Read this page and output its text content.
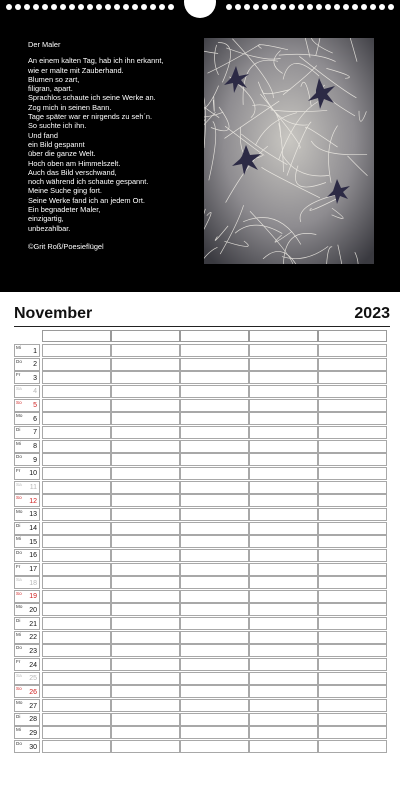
Der Maler
An einem kalten Tag, hab ich ihn erkannt,
wie er malte mit Zauberhand.
Blumen so zart,
filigran, apart.
Sprachlos schaute ich seine Werke an.
Zog mich in seinen Bann.
Tage später war er nirgends zu seh´n.
So suchte ich ihn.
Und fand
ein Bild gespannt
über die ganze Welt.
Hoch oben am Himmelszelt.
Auch das Bild verschwand,
noch während ich schaute gespannt.
Meine Suche ging fort.
Seine Werke fand ich an jedem Ort.
Ein begnadeter Maler,
einzigartig,
unbezahlbar.
©Grit Roß/Poesieflügel
November	2023
Mi 1
Do 2
Fr 3
Sa 4
So 5
Mo 6
Di 7
Mi 8
Do 9
Fr 10
Sa 11
So 12
Mo 13
Di 14
Mi 15
Do 16
Fr 17
Sa 18
So 19
Mo 20
Di 21
Mi 22
Do 23
Fr 24
Sa 25
So 26
Mo 27
Di 28
Mi 29
Do 30
